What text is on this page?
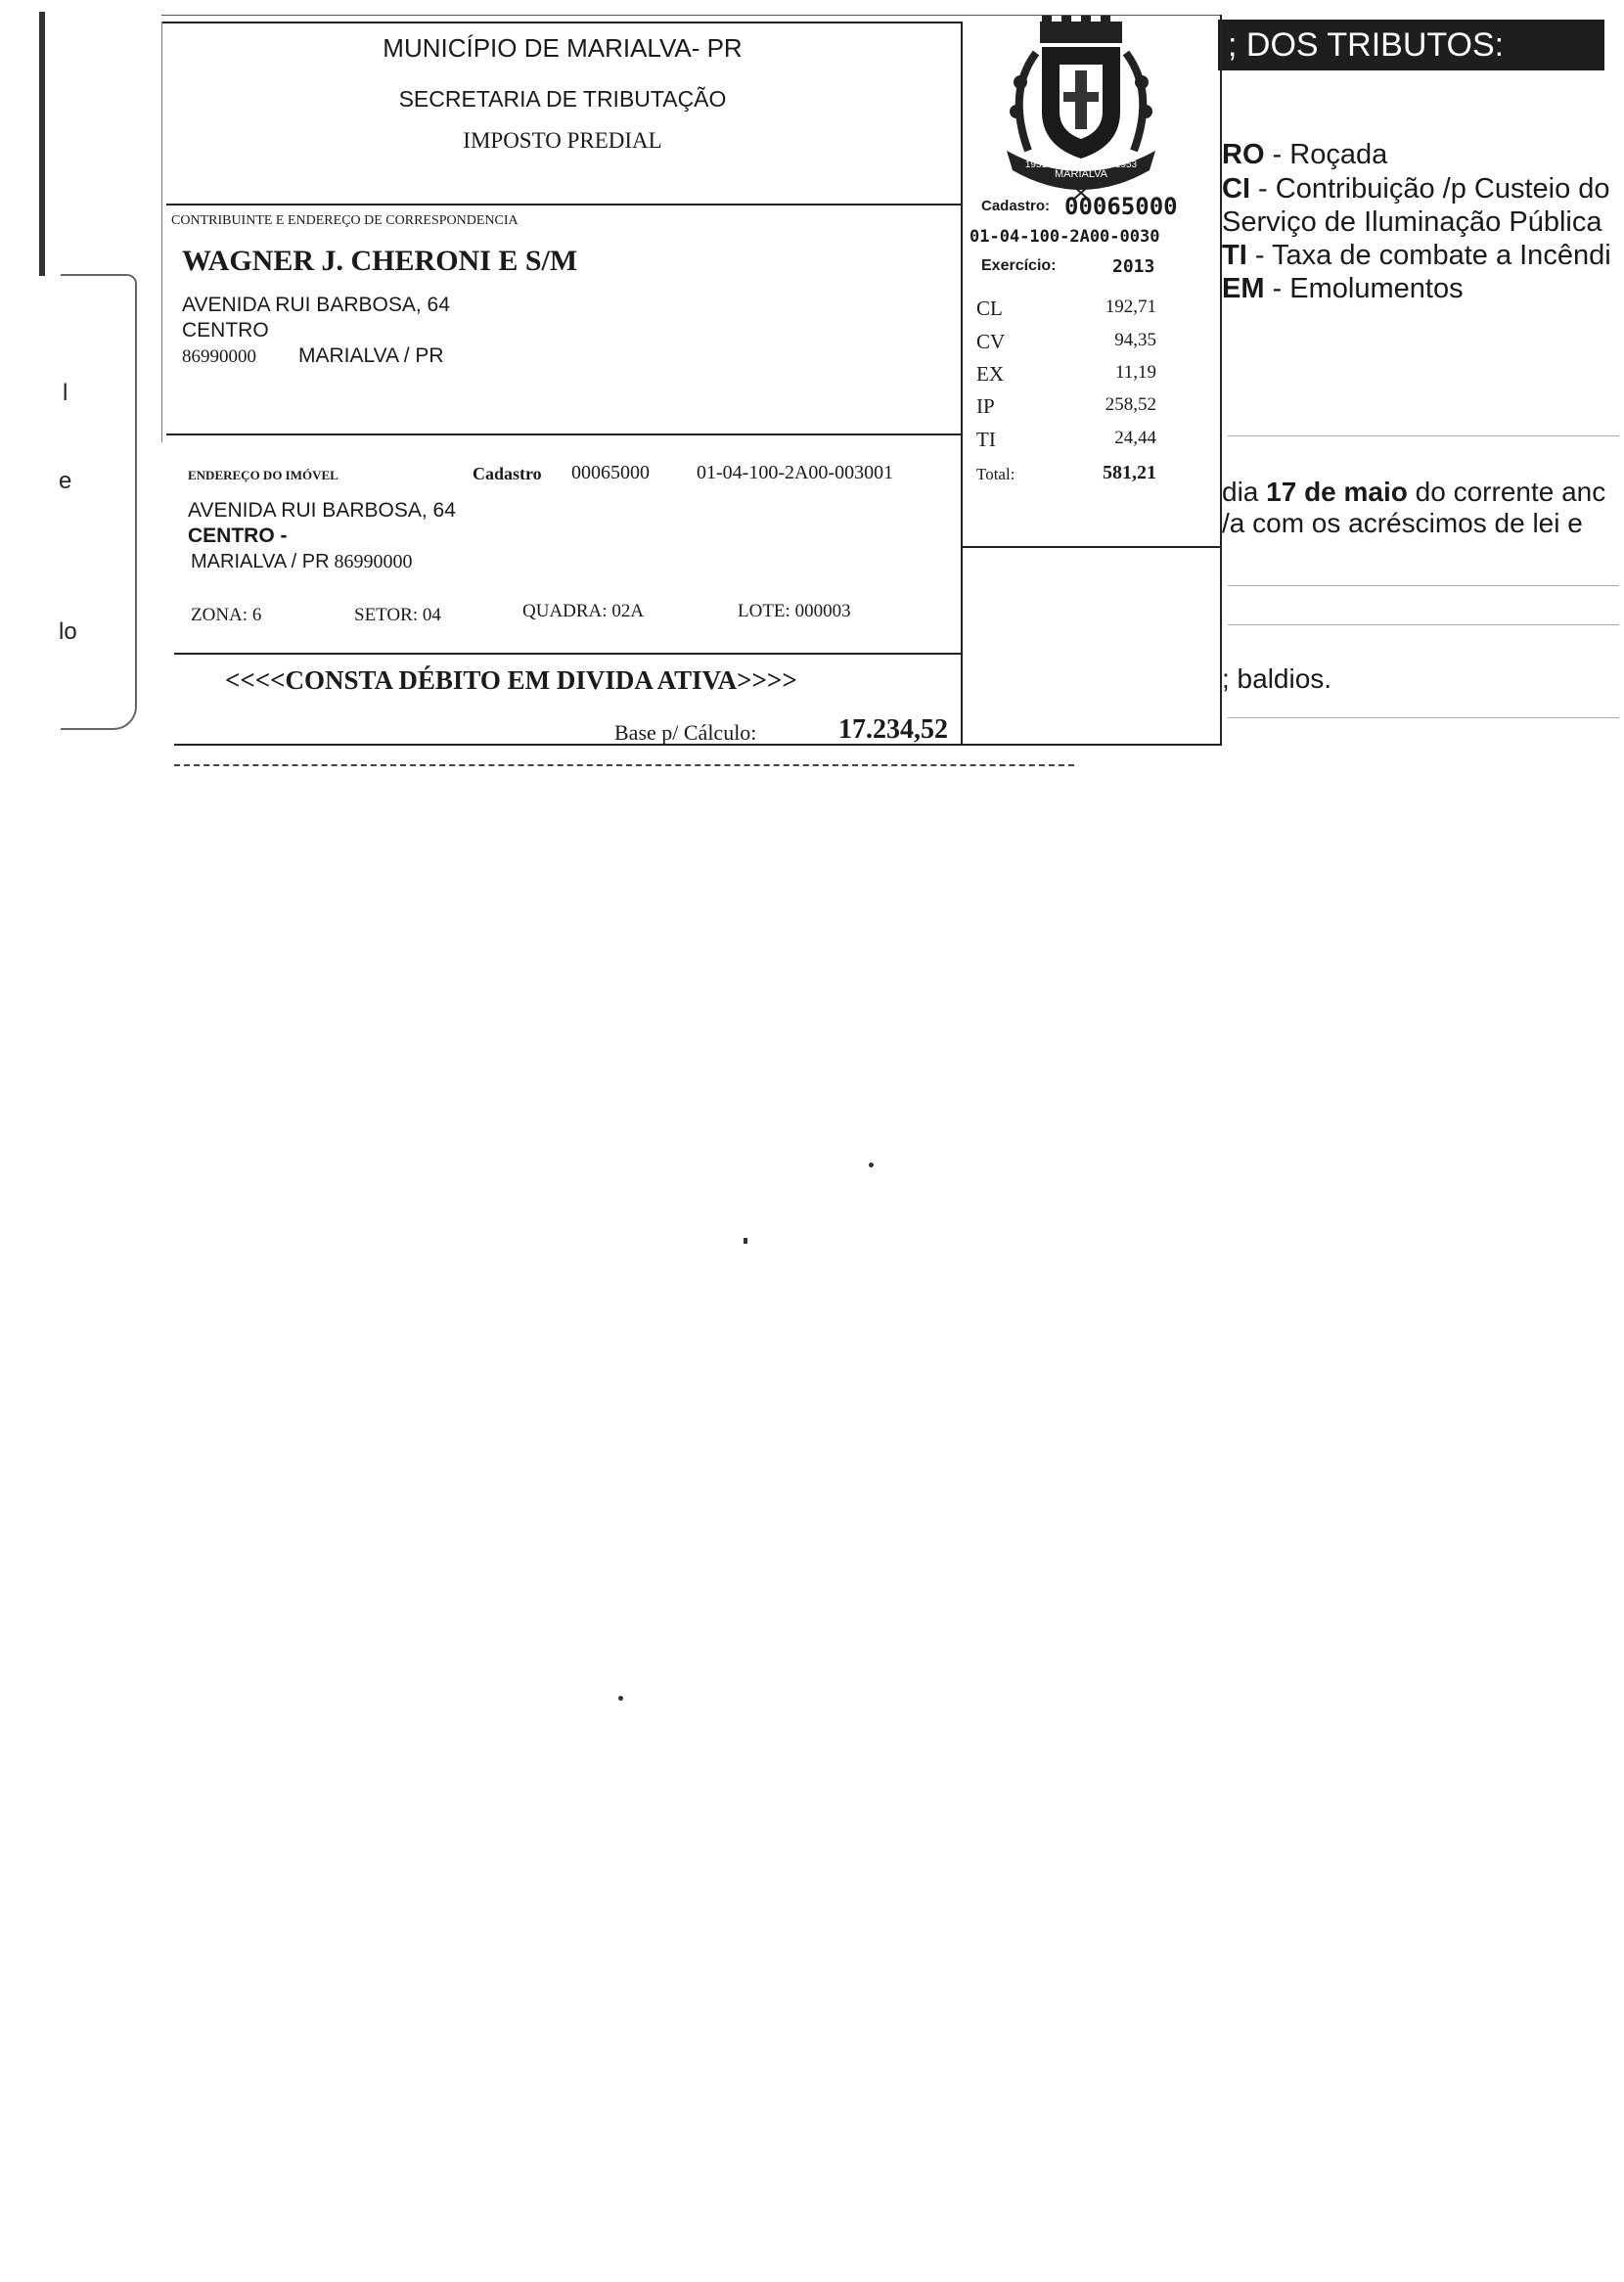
l
e
lo
; DOS TRIBUTOS:
RO - Roçada
CI - Contribuição /p Custeio do
Serviço de Iluminação Pública
TI - Taxa de combate a Incêndi
EM - Emolumentos
dia 17 de maio do corrente anc
/a com os acréscimos de lei e
; baldios.
MUNICÍPIO DE MARIALVA- PR
SECRETARIA DE TRIBUTAÇÃO
IMPOSTO PREDIAL
MARIALVA
1951	1953
CONTRIBUINTE E ENDEREÇO DE CORRESPONDENCIA
WAGNER J. CHERONI E S/M
AVENIDA RUI BARBOSA, 64
CENTRO
86990000 MARIALVA / PR
ENDEREÇO DO IMÓVEL	Cadastro 00065000 01-04-100-2A00-003001
AVENIDA RUI BARBOSA, 64
CENTRO -
MARIALVA / PR 86990000
ZONA: 6	SETOR: 04	QUADRA: 02A	LOTE: 000003
<<<<CONSTA DÉBITO EM DIVIDA ATIVA>>>>
Base p/ Cálculo:	17.234,52
Cadastro: 00065000
01-04-100-2A00-0030
Exercício:	2013
CL	192,71
CV	94,35
EX	11,19
IP	258,52
TI	24,44
Total:	581,21
